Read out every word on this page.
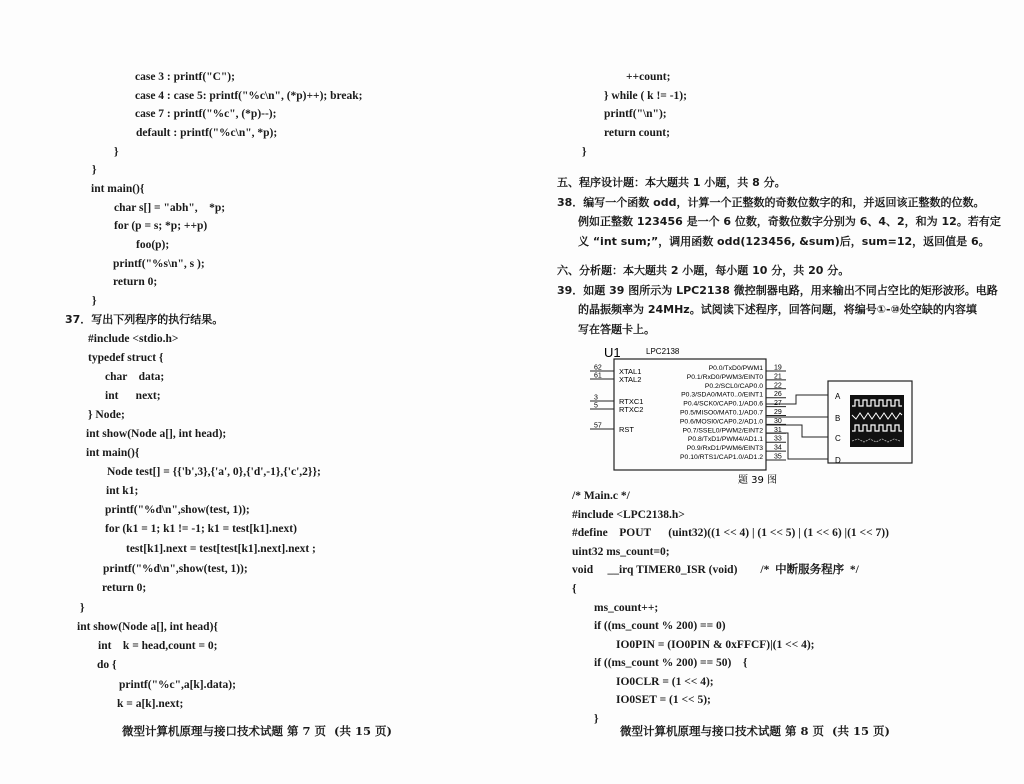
case 3 : printf("C");
case 4 : case 5: printf("%c\n", (*p)++); break;
case 7 : printf("%c", (*p)--);
default : printf("%c\n", *p);
}
}
int main(){
char s[] = "abh",    *p;
for (p = s; *p; ++p)
foo(p);
printf("%s\n", s );
return 0;
}
37．写出下列程序的执行结果。
#include <stdio.h>
typedef struct {
char    data;
int      next;
} Node;
int show(Node a[], int head);
int main(){
Node test[] = {{'b',3},{'a', 0},{'d',-1},{'c',2}};
int k1;
printf("%d\n",show(test, 1));
for (k1 = 1; k1 != -1; k1 = test[k1].next)
test[k1].next = test[test[k1].next].next ;
printf("%d\n",show(test, 1));
return 0;
}
int show(Node a[], int head){
int    k = head,count = 0;
do {
printf("%c",a[k].data);
k = a[k].next;
微型计算机原理与接口技术试题 第 7 页  (共 15 页)
++count;
} while ( k != -1);
printf("\n");
return count;
}
五、程序设计题：本大题共 1 小题，共 8 分。
六、分析题：本大题共 2 小题，每小题 10 分，共 20 分。
38．编写一个函数 odd，计算一个正整数的奇数位数字的和，并返回该正整数的位数。
例如正整数 123456 是一个 6 位数，奇数位数字分别为 6、4、2，和为 12。若有定
义 “int sum;”，调用函数 odd(123456, &sum)后，sum=12，返回值是 6。
39．如题 39 图所示为 LPC2138 微控制器电路，用来输出不同占空比的矩形波形。电路
的晶振频率为 24MHz。试阅读下述程序，回答问题，将编号①-⑩处空缺的内容填
写在答题卡上。
/* Main.c */
#include <LPC2138.h>
#define    POUT      (uint32)((1 << 4) | (1 << 5) | (1 << 6) |(1 << 7))
uint32 ms_count=0;
void     __irq TIMER0_ISR (void)        /*  中断服务程序  */
{
ms_count++;
if ((ms_count % 200) == 0)
IO0PIN = (IO0PIN & 0xFFCF)|(1 << 4);
if ((ms_count % 200) == 50)    {
IO0CLR = (1 << 4);
IO0SET = (1 << 5);
}
微型计算机原理与接口技术试题 第 8 页  (共 15 页)
U1	LPC2138
62 XTAL1
61 XTAL2
3	RTXC1
5	RTXC2
57 RST
19
P0.0/TxD0/PWM1
21
P0.1/RxD0/PWM3/EINT0
22
P0.2/SCL0/CAP0.0
26
P0.3/SDA0/MAT0..0/EINT1
27
P0.4/SCK0/CAP0.1/AD0.6
29
P0.5/MISO0/MAT0.1/AD0.7
30
P0.6/MOSI0/CAP0.2/AD1.0
31
P0.7/SSEL0/PWM2/EINT2
33
P0.8/TxD1/PWM4/AD1.1
34
P0.9/RxD1/PWM6/EINT3
35
P0.10/RTS1/CAP1.0/AD1.2
A
B
C
D
题 39 图
